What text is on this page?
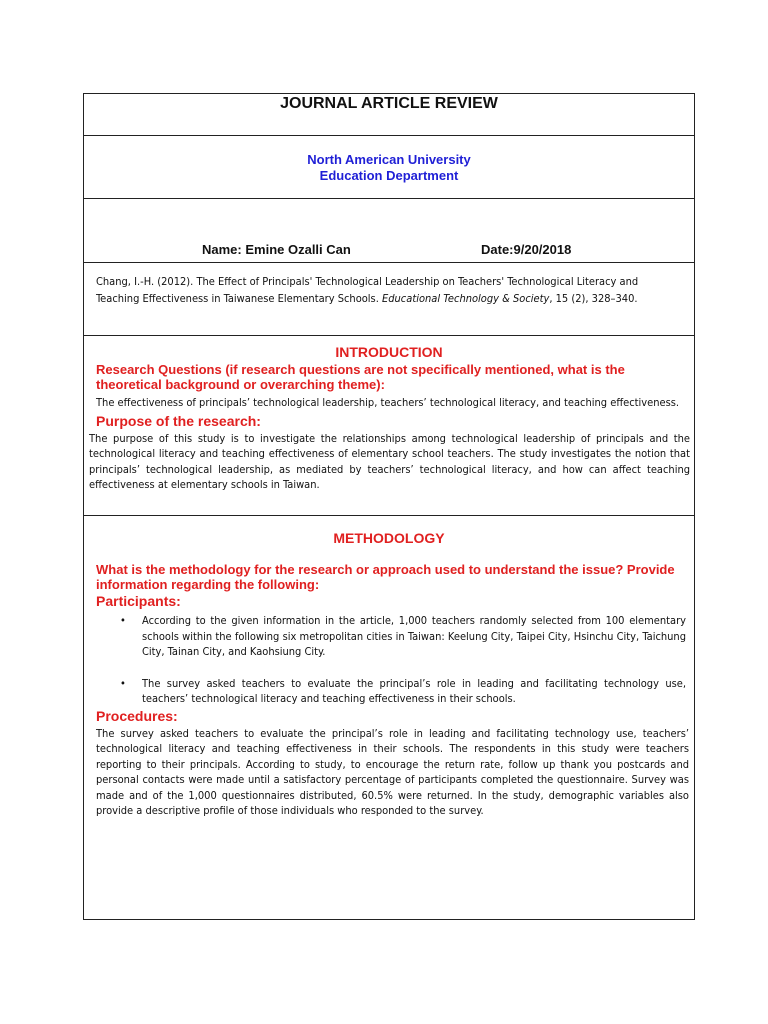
JOURNAL ARTICLE REVIEW
North American University
Education Department
Name: Emine Ozalli Can	Date:9/20/2018
Chang, I.-H. (2012). The Effect of Principals' Technological Leadership on Teachers' Technological Literacy and Teaching Effectiveness in Taiwanese Elementary Schools. Educational Technology & Society, 15 (2), 328–340.
INTRODUCTION
Research Questions (if research questions are not specifically mentioned, what is the theoretical background or overarching theme):
The effectiveness of principals’ technological leadership, teachers’ technological literacy, and teaching effectiveness.
Purpose of the research:
The purpose of this study is to investigate the relationships among technological leadership of principals and the technological literacy and teaching effectiveness of elementary school teachers. The study investigates the notion that principals’ technological leadership, as mediated by teachers’ technological literacy, and how can affect teaching effectiveness at elementary schools in Taiwan.
METHODOLOGY
What is the methodology for the research or approach used to understand the issue? Provide
information regarding the following:
Participants:
• According to the given information in the article, 1,000 teachers randomly selected from 100 elementary schools within the following six metropolitan cities in Taiwan: Keelung City, Taipei City, Hsinchu City, Taichung City, Tainan City, and Kaohsiung City.
• The survey asked teachers to evaluate the principal’s role in leading and facilitating technology use, teachers’ technological literacy and teaching effectiveness in their schools.
Procedures:
The survey asked teachers to evaluate the principal’s role in leading and facilitating technology use, teachers’ technological literacy and teaching effectiveness in their schools. The respondents in this study were teachers reporting to their principals. According to study, to encourage the return rate, follow up thank you postcards and personal contacts were made until a satisfactory percentage of participants completed the questionnaire. Survey was made and of the 1,000 questionnaires distributed, 60.5% were returned. In the study, demographic variables also provide a descriptive profile of those individuals who responded to the survey.
